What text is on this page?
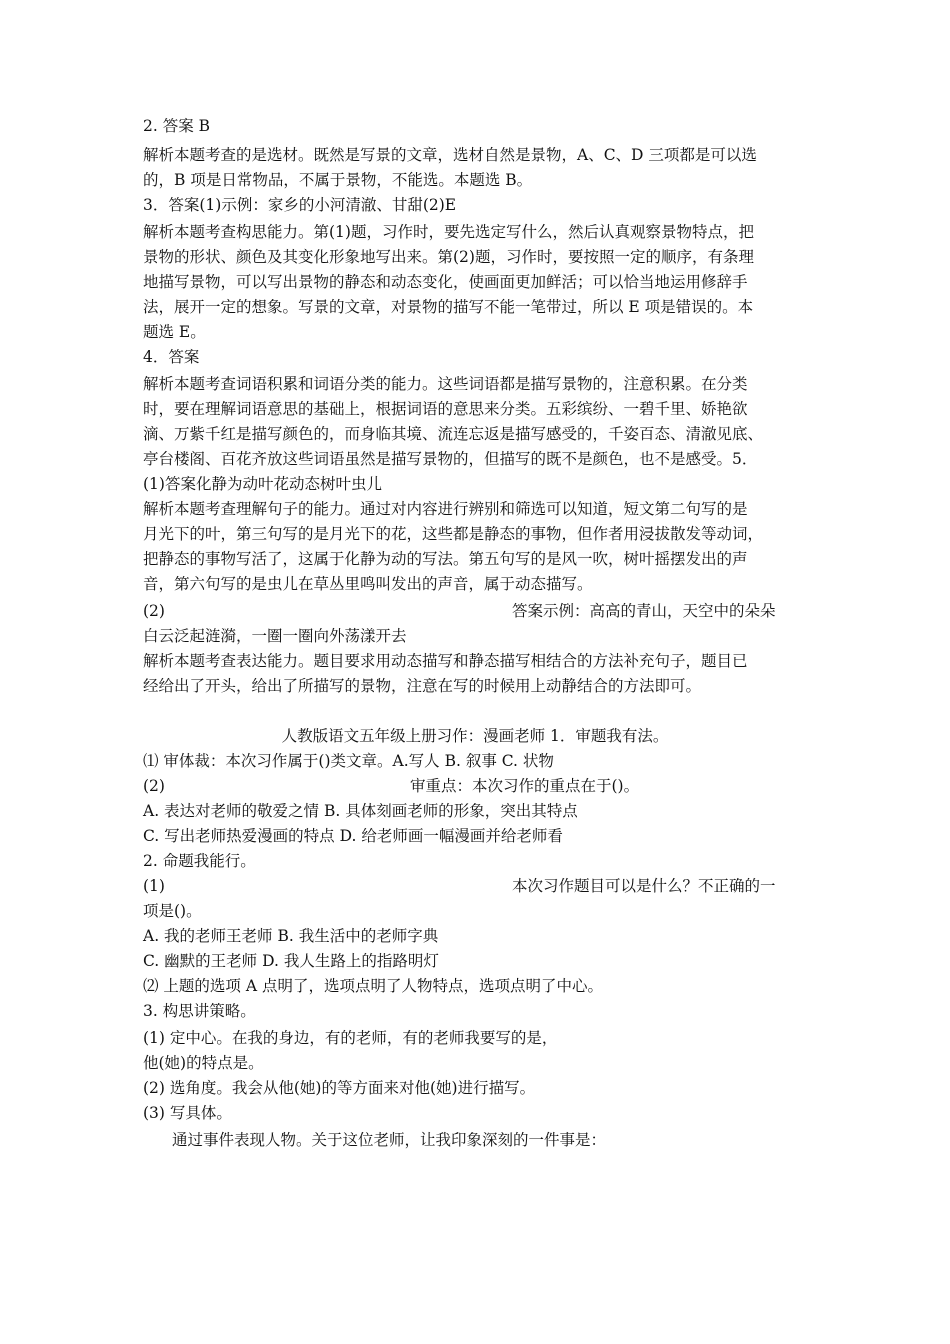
2. 答案 B
解析本题考查的是选材。既然是写景的文章，选材自然是景物，A、C、D 三项都是可以选
的，B 项是日常物品，不属于景物，不能选。本题选 B。
3．答案(1)示例：家乡的小河清澈、甘甜(2)E
解析本题考查构思能力。第(1)题，习作时，要先选定写什么，然后认真观察景物特点，把
景物的形状、颜色及其变化形象地写出来。第(2)题，习作时，要按照一定的顺序，有条理
地描写景物，可以写出景物的静态和动态变化，使画面更加鲜活；可以恰当地运用修辞手
法，展开一定的想象。写景的文章，对景物的描写不能一笔带过，所以 E 项是错误的。本
题选 E。
4．答案
解析本题考查词语积累和词语分类的能力。这些词语都是描写景物的，注意积累。在分类
时，要在理解词语意思的基础上，根据词语的意思来分类。五彩缤纷、一碧千里、娇艳欲
滴、万紫千红是描写颜色的，而身临其境、流连忘返是描写感受的，千姿百态、清澈见底、
亭台楼阁、百花齐放这些词语虽然是描写景物的，但描写的既不是颜色，也不是感受。5．
(1)答案化静为动叶花动态树叶虫儿
解析本题考查理解句子的能力。通过对内容进行辨别和筛选可以知道，短文第二句写的是
月光下的叶，第三句写的是月光下的花，这些都是静态的事物，但作者用浸拔散发等动词，
把静态的事物写活了，这属于化静为动的写法。第五句写的是风一吹，树叶摇摆发出的声
音，第六句写的是虫儿在草丛里鸣叫发出的声音，属于动态描写。
(2)	答案示例：高高的青山，天空中的朵朵
白云泛起涟漪，一圈一圈向外荡漾开去
解析本题考查表达能力。题目要求用动态描写和静态描写相结合的方法补充句子，题目已
经给出了开头，给出了所描写的景物，注意在写的时候用上动静结合的方法即可。
人教版语文五年级上册习作：漫画老师 1．审题我有法。
⑴ 审体裁：本次习作属于()类文章。A.写人 B. 叙事 C. 状物
(2)	审重点：本次习作的重点在于()。
A. 表达对老师的敬爱之情 B. 具体刻画老师的形象，突出其特点
C. 写出老师热爱漫画的特点 D. 给老师画一幅漫画并给老师看
2. 命题我能行。
(1)	本次习作题目可以是什么？不正确的一
项是()。
A. 我的老师王老师 B. 我生活中的老师字典
C. 幽默的王老师 D. 我人生路上的指路明灯
⑵ 上题的选项 A 点明了，选项点明了人物特点，选项点明了中心。
3. 构思讲策略。
(1) 定中心。在我的身边，有的老师，有的老师我要写的是，
他(她)的特点是。
(2) 选角度。我会从他(她)的等方面来对他(她)进行描写。
(3) 写具体。
通过事件表现人物。关于这位老师，让我印象深刻的一件事是：
